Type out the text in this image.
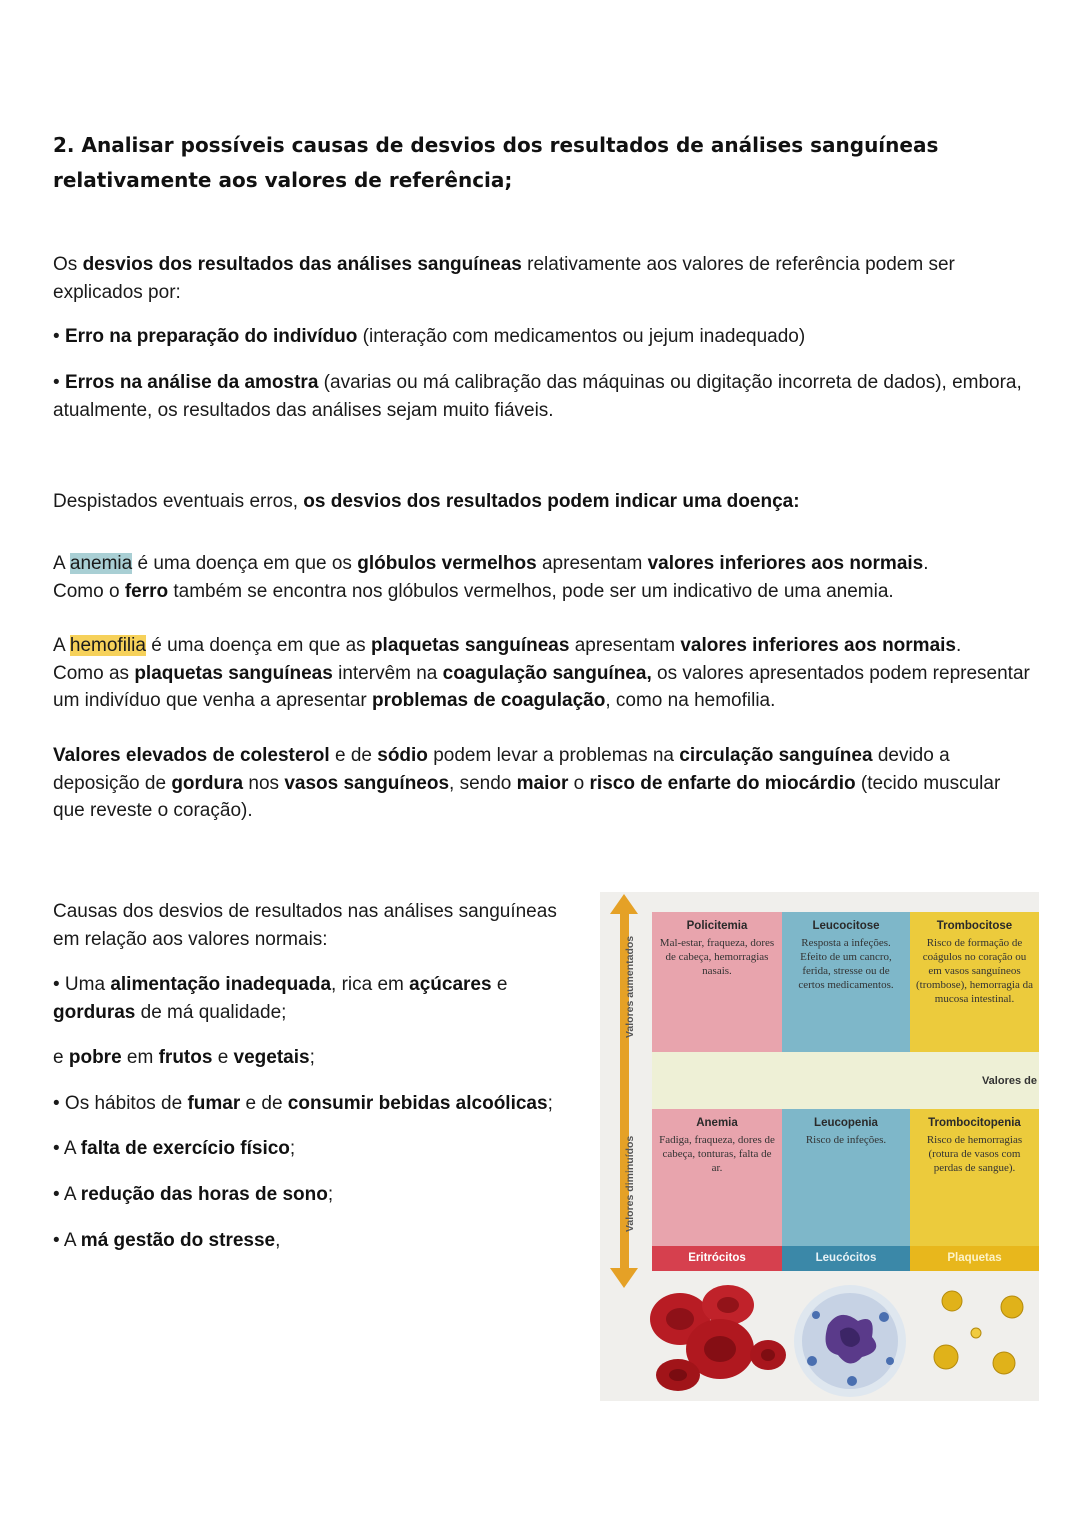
2. Analisar possíveis causas de desvios dos resultados de análises sanguíneas relativamente aos valores de referência;

Os desvios dos resultados das análises sanguíneas relativamente aos valores de referência podem ser explicados por:

• Erro na preparação do indivíduo (interação com medicamentos ou jejum inadequado)

• Erros na análise da amostra (avarias ou má calibração das máquinas ou digitação incorreta de dados), embora, atualmente, os resultados das análises sejam muito fiáveis.

Despistados eventuais erros, os desvios dos resultados podem indicar uma doença:

A anemia é uma doença em que os glóbulos vermelhos apresentam valores inferiores aos normais.
Como o ferro também se encontra nos glóbulos vermelhos, pode ser um indicativo de uma anemia.

A hemofilia é uma doença em que as plaquetas sanguíneas apresentam valores inferiores aos normais.
Como as plaquetas sanguíneas intervêm na coagulação sanguínea, os valores apresentados podem representar um indivíduo que venha a apresentar problemas de coagulação, como na hemofilia.

Valores elevados de colesterol e de sódio podem levar a problemas na circulação sanguínea devido a deposição de gordura nos vasos sanguíneos, sendo maior o risco de enfarte do miocárdio (tecido muscular que reveste o coração).

Causas dos desvios de resultados nas análises sanguíneas em relação aos valores normais:

• Uma alimentação inadequada, rica em açúcares e gorduras de má qualidade;

e pobre em frutos e vegetais;

• Os hábitos de fumar e de consumir bebidas alcoólicas;

• A falta de exercício físico;

• A redução das horas de sono;

• A má gestão do stresse,

Valores aumentados
Valores diminuídos
Policitemia
Mal-estar, fraqueza, dores de cabeça, hemorragias nasais.
Leucocitose
Resposta a infeções. Efeito de um cancro, ferida, stresse ou de certos medicamentos.
Trombocitose
Risco de formação de coágulos no coração ou em vasos sanguíneos (trombose), hemorragia da mucosa intestinal.
Valores de
Anemia
Fadiga, fraqueza, dores de cabeça, tonturas, falta de ar.
Leucopenia
Risco de infeções.
Trombocitopenia
Risco de hemorragias (rotura de vasos com perdas de sangue).
Eritrócitos	Leucócitos	Plaquetas
